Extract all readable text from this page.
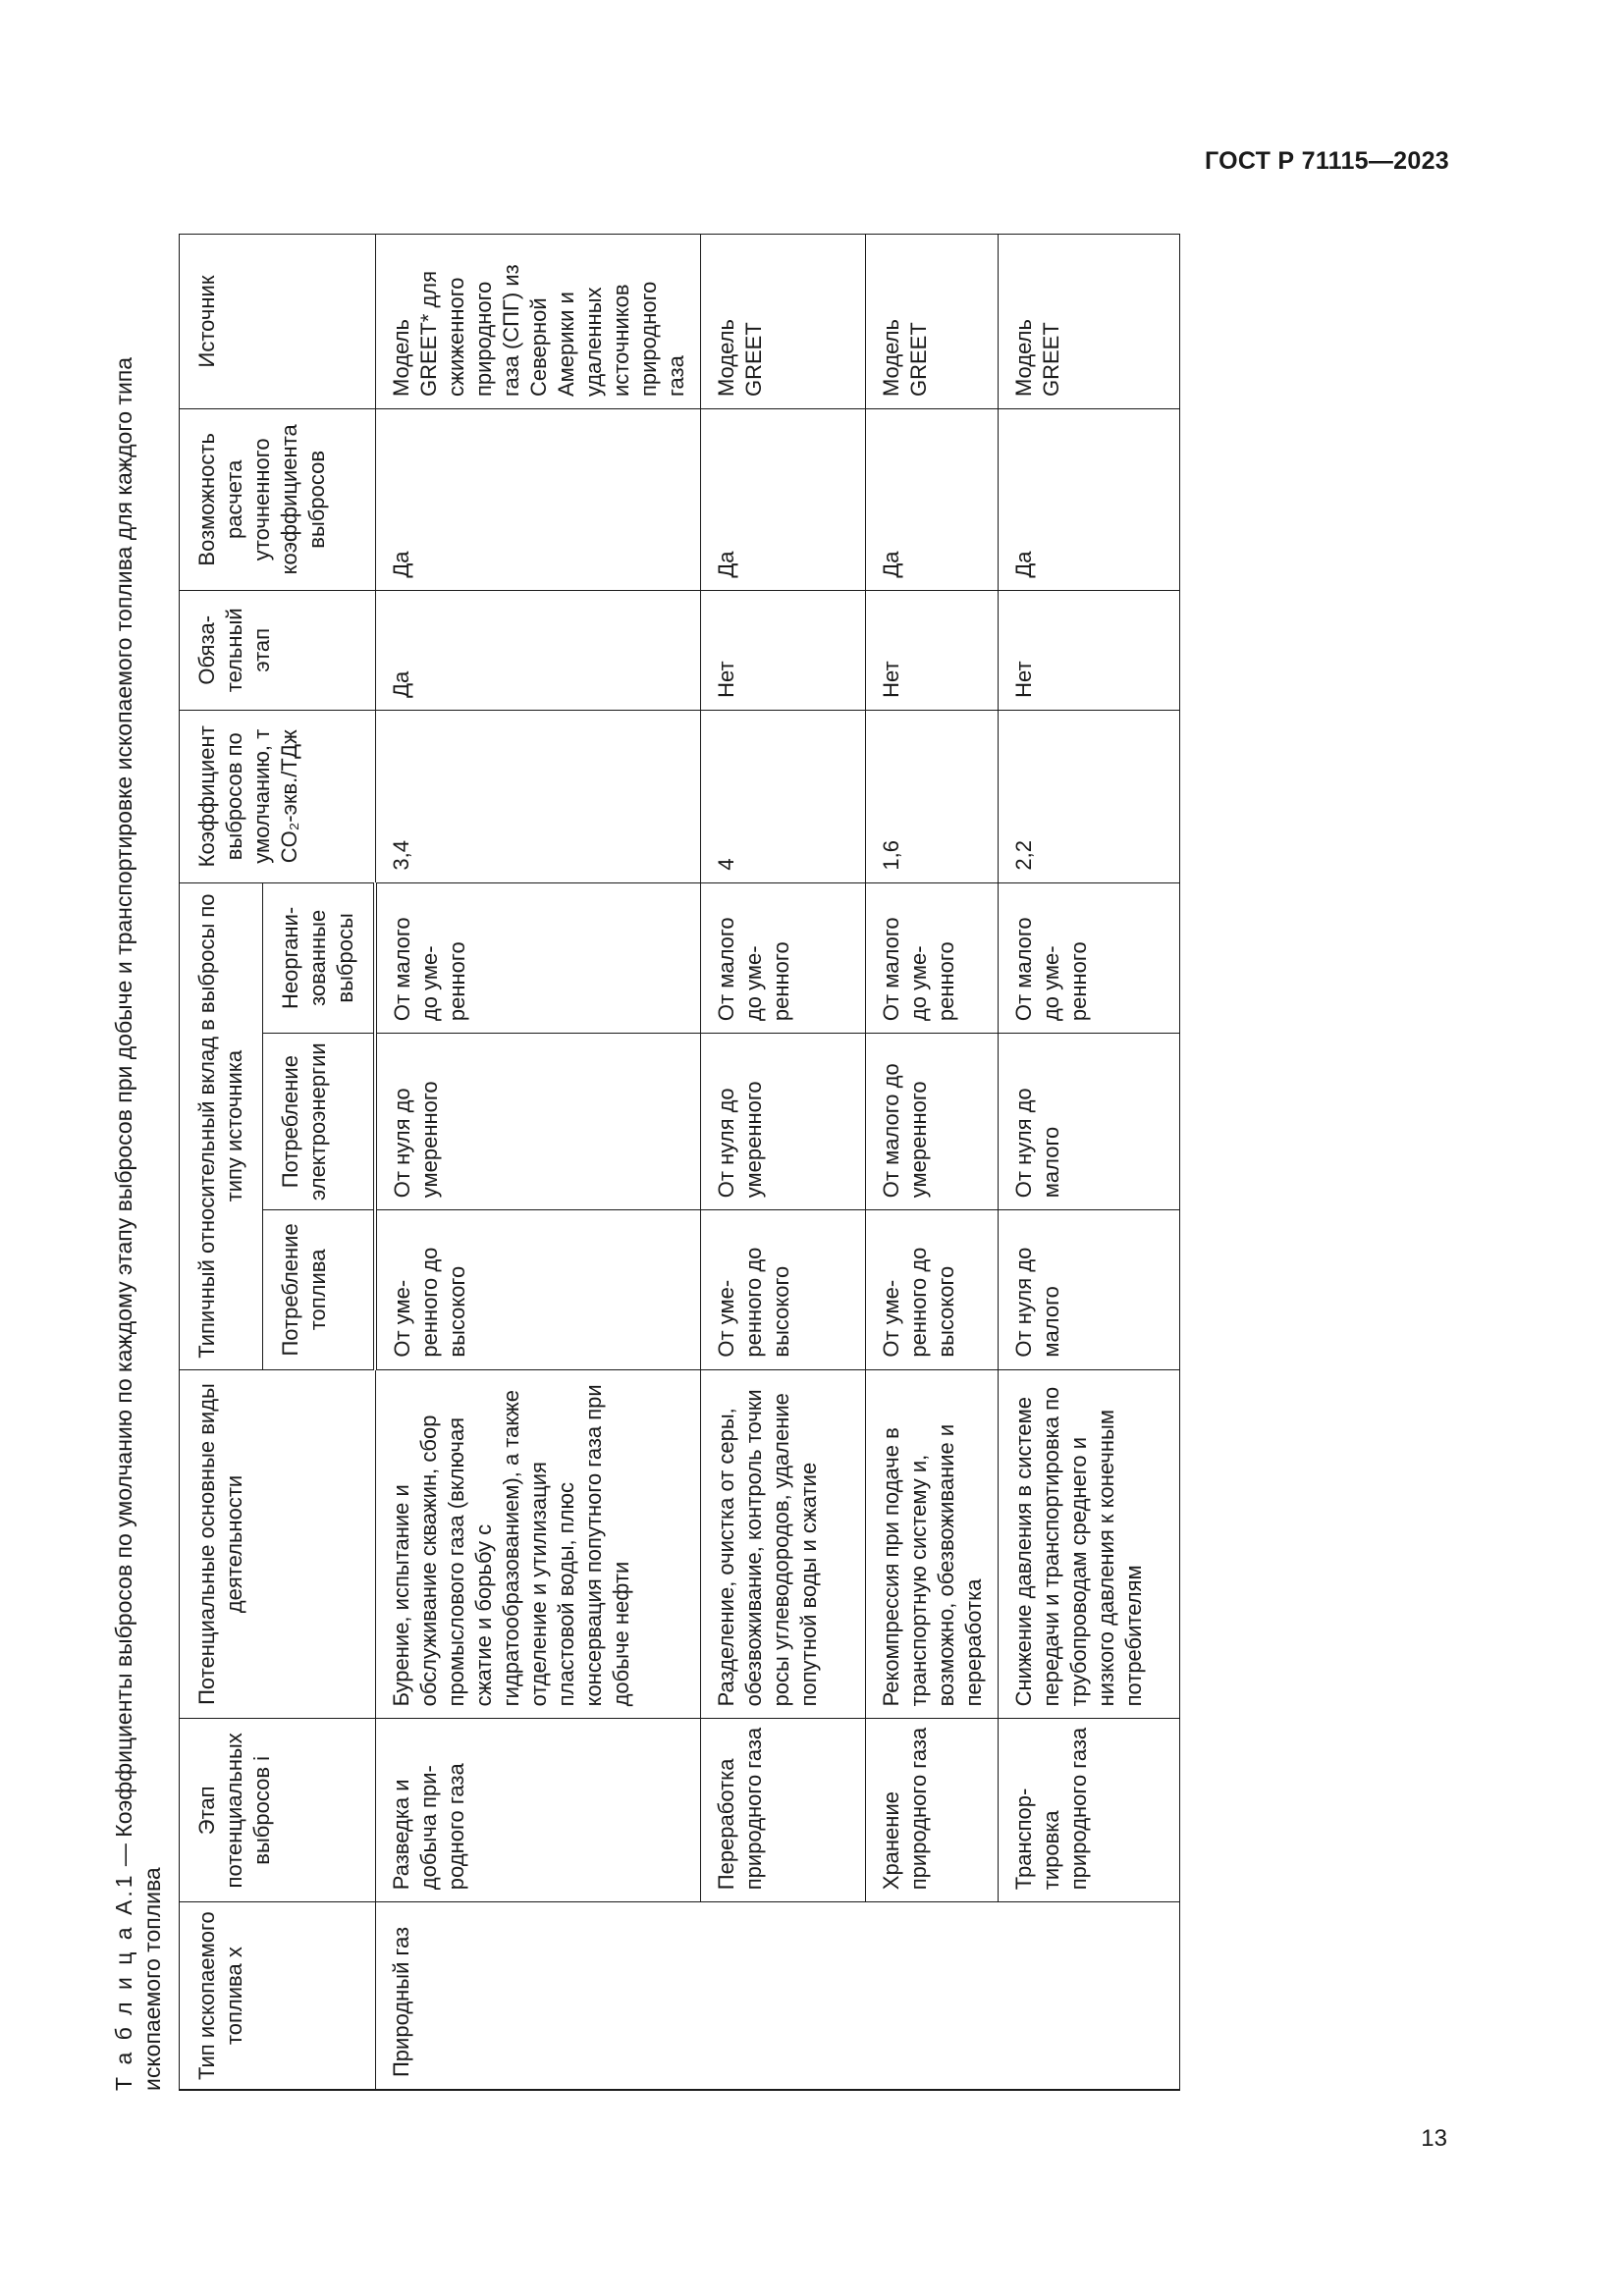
ГОСТ Р 71115—2023
Т а б л и ц а А.1 — Коэффициенты выбросов по умолчанию по каждому этапу выбросов при добыче и транспортировке ископаемого топлива для каждого типа ископаемого топлива Тип ископаемого топлива x	Этап потенциальных выбросов i	Потенциальные основные виды деятельности	Типичный относительный вклад в выбросы по типу источника			Коэффициент выбросов по умолчанию, т CO₂-экв./ТДж	Обязательный этап	Возможность расчета уточненного коэффициента выбросов	Источник
			Потребление топлива	Потребление электроэнергии	Неорганизованные выбросы				
Природный газ	Разведка и добыча природного газа	Бурение, испытание и обслуживание скважин, сбор промыслового газа (включая сжатие и борьбу с гидратообразованием), а также отделение и утилизация пластовой воды, плюс консервация попутного газа при добыче нефти	От умеренного до высокого	От нуля до умеренного	От малого до умеренного	3,4	Да	Да	Модель GREET* для сжиженного природного газа (СПГ) из Северной Америки и удаленных источников природного газа
	Переработка природного газа	Разделение, очистка от серы, обезвоживание, контроль точки росы углеводородов, удаление попутной воды и сжатие	От умеренного до высокого	От нуля до умеренного	От малого до умеренного	4	Нет	Да	Модель GREET
	Хранение природного газа	Рекомпрессия при подаче в транспортную систему и, возможно, обезвоживание и переработка	От умеренного до высокого	От малого до умеренного	От малого до умеренного	1,6	Нет	Да	Модель GREET
	Транспортировка природного газа	Снижение давления в системе передачи и транспортировка по трубопроводам среднего и низкого давления к конечным потребителям	От нуля до малого	От нуля до малого	От малого до умеренного	2,2	Нет	Да	Модель GREET
13
